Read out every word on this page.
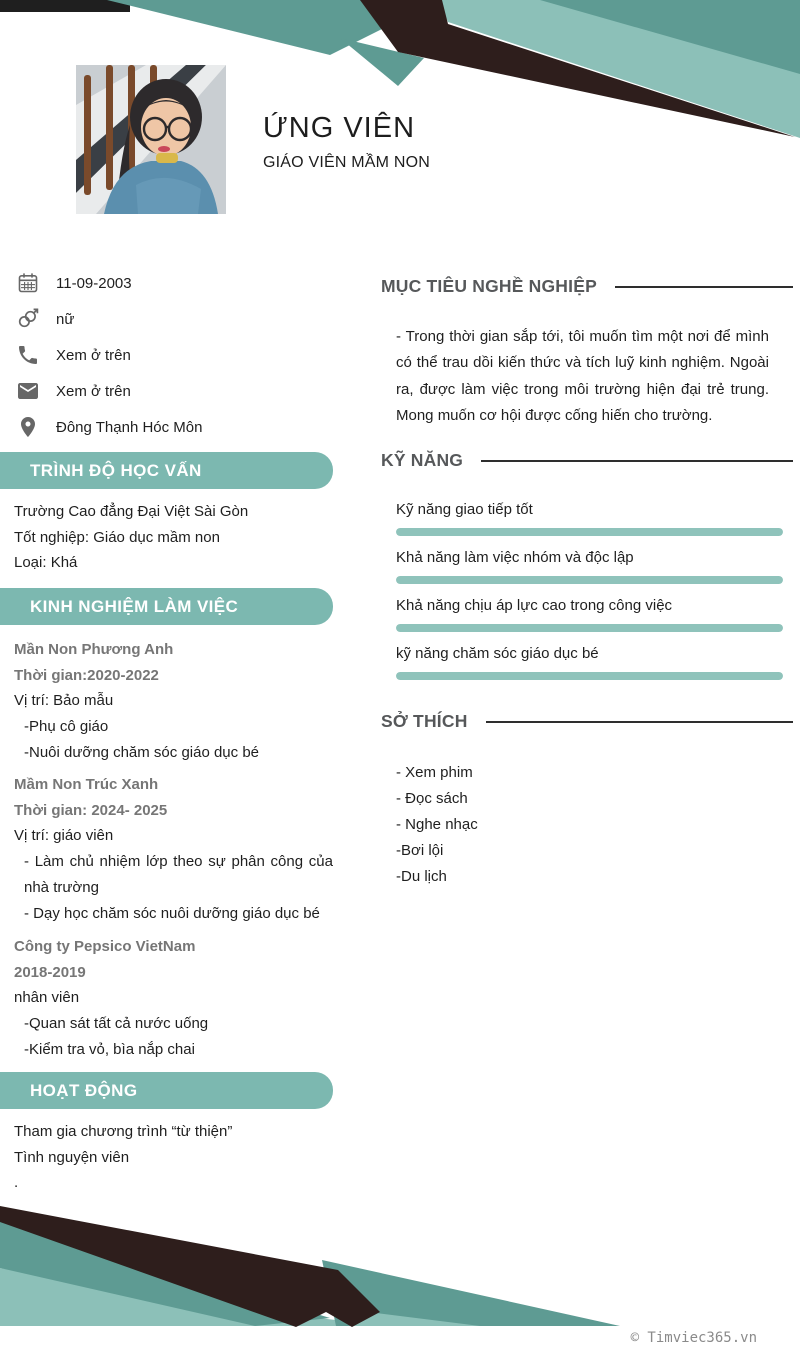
ỨNG VIÊN
GIÁO VIÊN MẦM NON
11-09-2003
nữ
Xem ở trên
Xem ở trên
Đông Thạnh Hóc Môn
TRÌNH ĐỘ HỌC VẤN
Trường Cao đẳng Đại Việt Sài Gòn
Tốt nghiệp: Giáo dục mầm non
Loại: Khá
KINH NGHIỆM LÀM VIỆC
Mần Non Phương Anh
Thời gian:2020-2022
Vị trí: Bảo mẫu
-Phụ cô giáo
-Nuôi dưỡng chăm sóc giáo dục bé
Mầm Non Trúc Xanh
Thời gian: 2024- 2025
Vị trí: giáo viên
- Làm chủ nhiệm lớp theo sự phân công của nhà trường
- Dạy học chăm sóc nuôi dưỡng giáo dục bé
Công ty Pepsico VietNam
2018-2019
nhân viên
-Quan sát tất cả nước uống
-Kiểm tra vỏ, bìa nắp chai
HOẠT ĐỘNG
Tham gia chương trình “từ thiện”
Tình nguyện viên
.
MỤC TIÊU NGHỀ NGHIỆP
- Trong thời gian sắp tới, tôi muốn tìm một nơi để mình có thể trau dồi kiến thức và tích luỹ kinh nghiệm. Ngoài ra, được làm việc trong môi trường hiện đại trẻ trung. Mong muốn cơ hội được cống hiến cho trường.
KỸ NĂNG
Kỹ năng giao tiếp tốt
Khả năng làm việc nhóm và độc lập
Khả năng chịu áp lực cao trong công việc
kỹ năng chăm sóc giáo dục bé
SỞ THÍCH
- Xem phim
- Đọc sách
- Nghe nhạc
-Bơi lội
-Du lịch
© Timviec365.vn
